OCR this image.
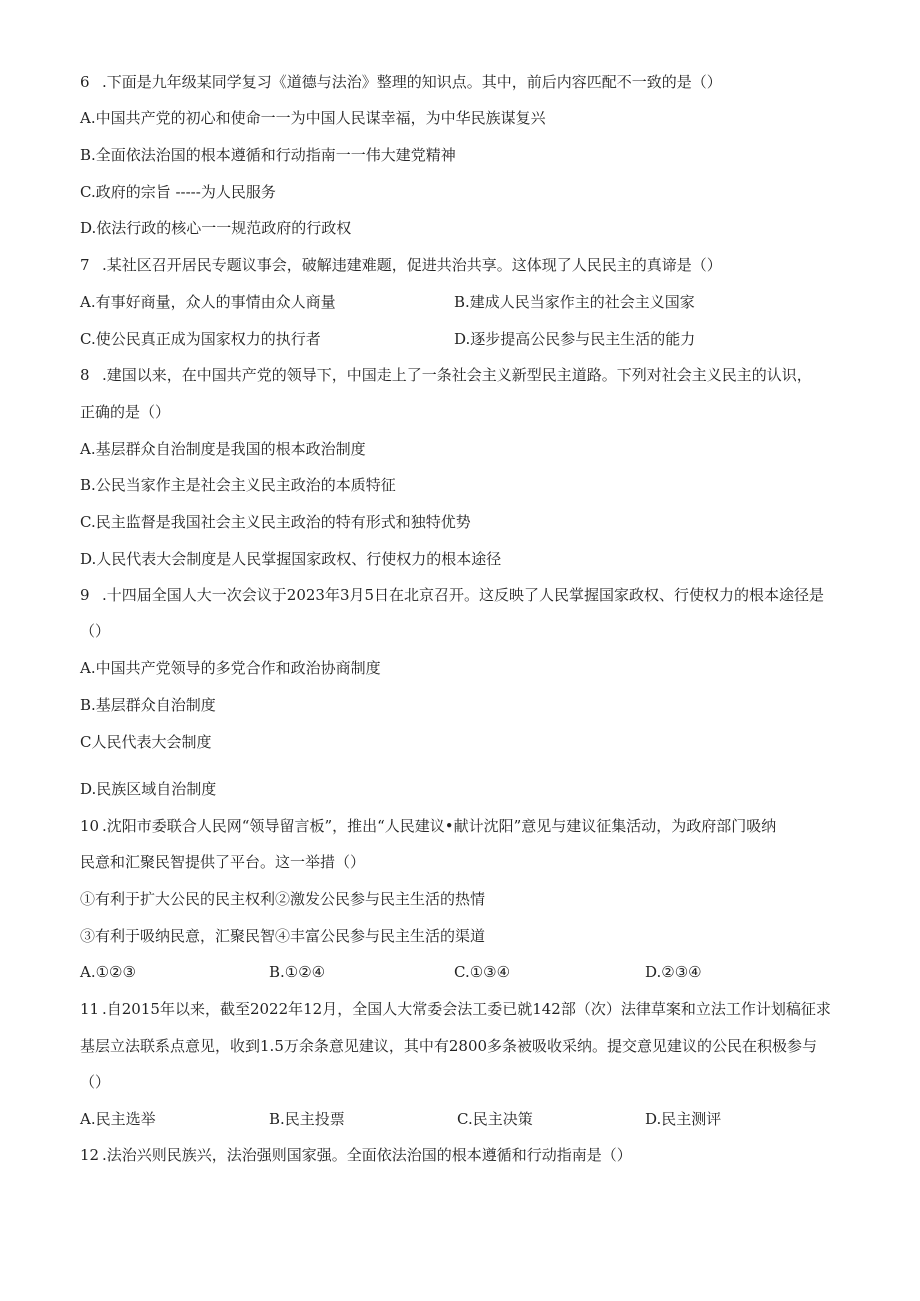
6 .下面是九年级某同学复习《道德与法治》整理的知识点。其中，前后内容匹配不一致的是（）
A.中国共产党的初心和使命一一为中国人民谋幸福，为中华民族谋复兴
B.全面依法治国的根本遵循和行动指南一一伟大建党精神
C.政府的宗旨 -----为人民服务
D.依法行政的核心一一规范政府的行政权
7 .某社区召开居民专题议事会，破解违建难题，促进共治共享。这体现了人民民主的真谛是（）
A.有事好商量，众人的事情由众人商量	B.建成人民当家作主的社会主义国家
C.使公民真正成为国家权力的执行者	D.逐步提高公民参与民主生活的能力
8 .建国以来，在中国共产党的领导下，中国走上了一条社会主义新型民主道路。下列对社会主义民主的认识，
正确的是（）
A.基层群众自治制度是我国的根本政治制度
B.公民当家作主是社会主义民主政治的本质特征
C.民主监督是我国社会主义民主政治的特有形式和独特优势
D.人民代表大会制度是人民掌握国家政权、行使权力的根本途径
9 .十四届全国人大一次会议于2023年3月5日在北京召开。这反映了人民掌握国家政权、行使权力的根本途径是
（）
A.中国共产党领导的多党合作和政治协商制度
B.基层群众自治制度
C人民代表大会制度
D.民族区域自治制度
10 .沈阳市委联合人民网“领导留言板”，推出“人民建议•献计沈阳”意见与建议征集活动，为政府部门吸纳
民意和汇聚民智提供了平台。这一举措（）
①有利于扩大公民的民主权利②激发公民参与民主生活的热情
③有利于吸纳民意，汇聚民智④丰富公民参与民主生活的渠道
A.①②③	B.①②④	C.①③④	D.②③④
11 .自2015年以来，截至2022年12月，全国人大常委会法工委已就142部（次）法律草案和立法工作计划稿征求
基层立法联系点意见，收到1.5万余条意见建议，其中有2800多条被吸收采纳。提交意见建议的公民在积极参与
（）
A.民主选举	B.民主投票	C.民主决策	D.民主测评
12 .法治兴则民族兴，法治强则国家强。全面依法治国的根本遵循和行动指南是（）
